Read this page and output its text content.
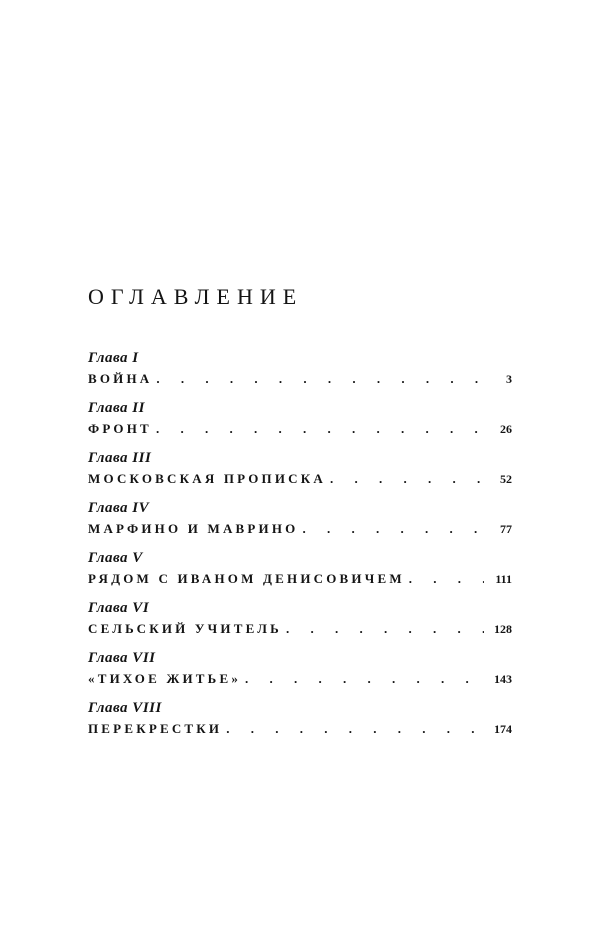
ОГЛАВЛЕНИЕ
Глава I
ВОЙНА . . .	3
Глава II
ФРОНТ . . .	26
Глава III
МОСКОВСКАЯ ПРОПИСКА . . .	52
Глава IV
МАРФИНО И МАВРИНО . . .	77
Глава V
РЯДОМ С ИВАНОМ ДЕНИСОВИЧЕМ . . .	111
Глава VI
СЕЛЬСКИЙ УЧИТЕЛЬ . . .	128
Глава VII
«ТИХОЕ ЖИТЬЕ» . . .	143
Глава VIII
ПЕРЕКРЕСТКИ . . .	174
